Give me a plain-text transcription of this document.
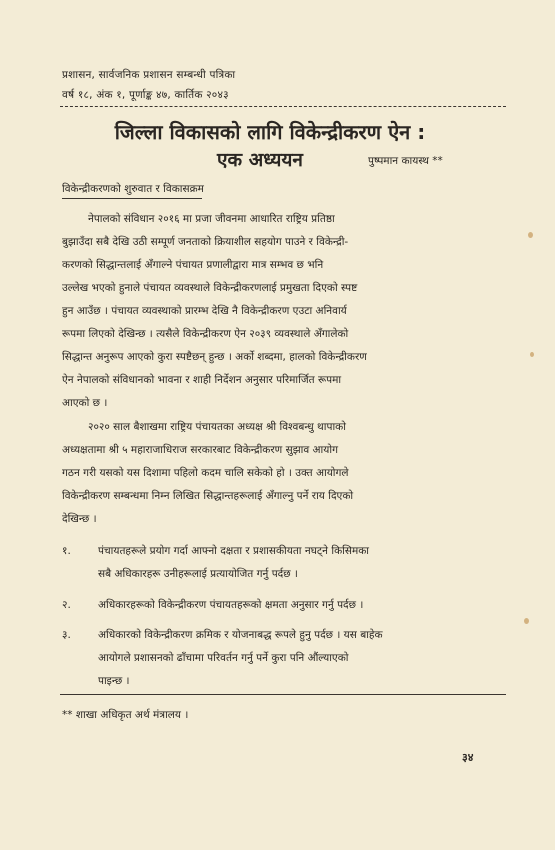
प्रशासन, सार्वजनिक प्रशासन सम्बन्धी पत्रिका
वर्ष १८, अंक १, पूर्णाङ्क ४७, कार्तिक २०४३
जिल्ला विकासको लागि विकेन्द्रीकरण ऐन :
एक अध्ययन	पुष्पमान कायस्थ **
विकेन्द्रीकरणको शुरुवात र विकासक्रम
नेपालको संविधान २०१६ मा प्रजा जीवनमा आधारित राष्ट्रिय प्रतिष्ठा
बुझाउँदा सबै देखि उठी सम्पूर्ण जनताको क्रियाशील सहयोग पाउने र विकेन्द्री-
करणको सिद्धान्तलाई अँगाल्ने पंचायत प्रणालीद्वारा मात्र सम्भव छ भनि
उल्लेख भएको हुनाले पंचायत व्यवस्थाले विकेन्द्रीकरणलाई प्रमुखता दिएको स्पष्ट
हुन आउँछ । पंचायत व्यवस्थाको प्रारम्भ देखि नै विकेन्द्रीकरण एउटा अनिवार्य
रूपमा लिएको देखिन्छ । त्यसैले विकेन्द्रीकरण ऐन २०३९ व्यवस्थाले अँगालेको
सिद्धान्त अनुरूप आएको कुरा स्पष्टैछन् हुन्छ । अर्को शब्दमा, हालको विकेन्द्रीकरण
ऐन नेपालको संविधानको भावना र शाही निर्देशन अनुसार परिमार्जित रूपमा
आएको छ ।
२०२० साल बैशाखमा राष्ट्रिय पंचायतका अध्यक्ष श्री विश्वबन्धु थापाको
अध्यक्षतामा श्री ५ महाराजाधिराज सरकारबाट विकेन्द्रीकरण सुझाव आयोग
गठन गरी यसको यस दिशामा पहिलो कदम चालि सकेको हो । उक्त आयोगले
विकेन्द्रीकरण सम्बन्धमा निम्न लिखित सिद्धान्तहरूलाई अँगाल्नु पर्ने राय दिएको
देखिन्छ ।
१.	पंचायतहरूले प्रयोग गर्दा आफ्नो दक्षता र प्रशासकीयता नघट्ने किसिमका
सबै अधिकारहरू उनीहरूलाई प्रत्यायोजित गर्नु पर्दछ ।
२.	अधिकारहरूको विकेन्द्रीकरण पंचायतहरूको क्षमता अनुसार गर्नु पर्दछ ।
३.	अधिकारको विकेन्द्रीकरण क्रमिक र योजनाबद्ध रूपले हुनु पर्दछ । यस बाहेक
आयोगले प्रशासनको ढाँचामा परिवर्तन गर्नु पर्ने कुरा पनि औंल्याएको
पाइन्छ ।
** शाखा अधिकृत अर्थ मंत्रालय ।
३४
